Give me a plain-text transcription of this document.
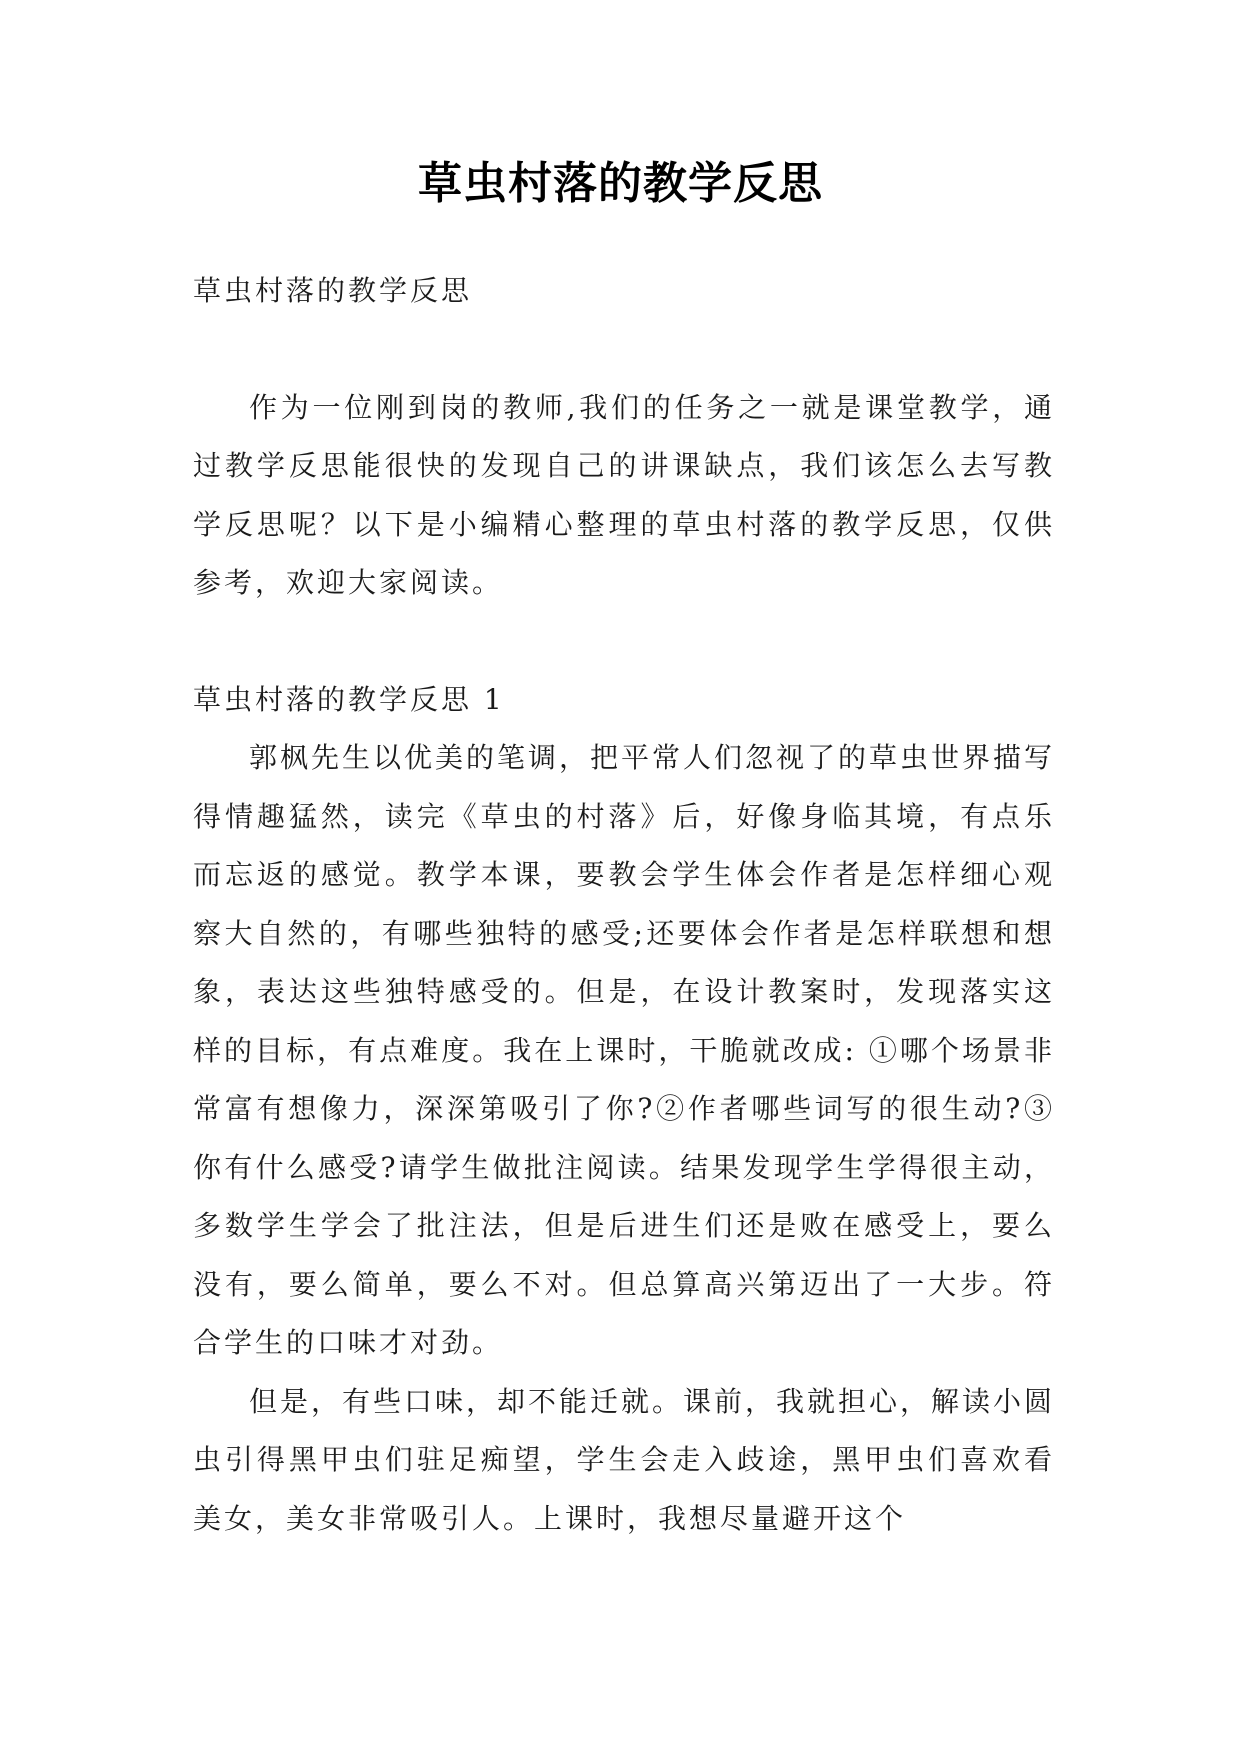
草虫村落的教学反思

草虫村落的教学反思

作为一位刚到岗的教师,我们的任务之一就是课堂教学，通过教学反思能很快的发现自己的讲课缺点，我们该怎么去写教学反思呢？以下是小编精心整理的草虫村落的教学反思，仅供参考，欢迎大家阅读。

草虫村落的教学反思 1

郭枫先生以优美的笔调，把平常人们忽视了的草虫世界描写得情趣猛然，读完《草虫的村落》后，好像身临其境，有点乐而忘返的感觉。教学本课，要教会学生体会作者是怎样细心观察大自然的，有哪些独特的感受;还要体会作者是怎样联想和想象，表达这些独特感受的。但是，在设计教案时，发现落实这样的目标，有点难度。我在上课时，干脆就改成: ①哪个场景非常富有想像力，深深第吸引了你?②作者哪些词写的很生动?③你有什么感受?请学生做批注阅读。结果发现学生学得很主动，多数学生学会了批注法，但是后进生们还是败在感受上，要么没有，要么简单，要么不对。但总算高兴第迈出了一大步。符合学生的口味才对劲。

但是，有些口味，却不能迁就。课前，我就担心，解读小圆虫引得黑甲虫们驻足痴望，学生会走入歧途，黑甲虫们喜欢看美女，美女非常吸引人。上课时，我想尽量避开这个
